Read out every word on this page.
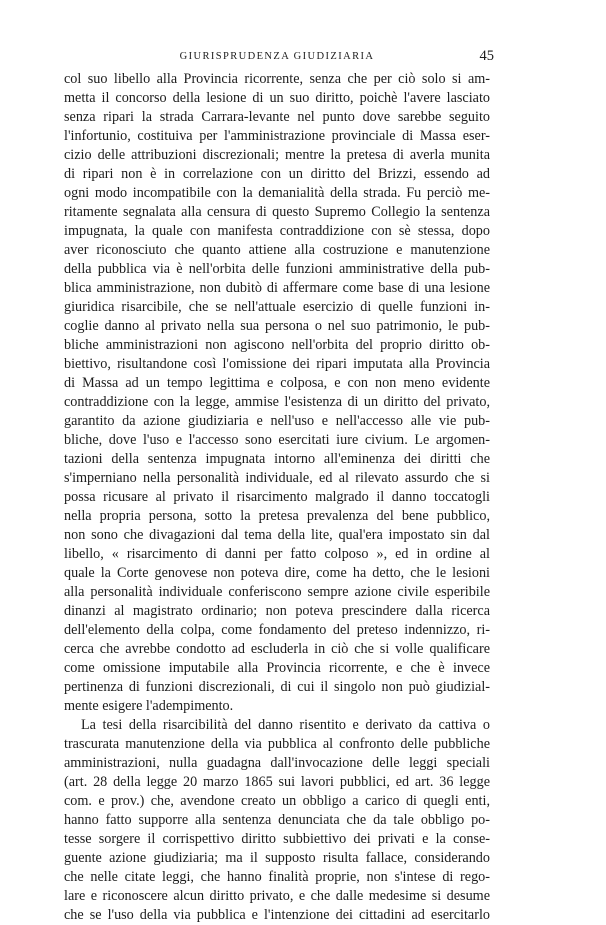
GIURISPRUDENZA GIUDIZIARIA	45
col suo libello alla Provincia ricorrente, senza che per ciò solo si am-
metta il concorso della lesione di un suo diritto, poichè l'avere lasciato
senza ripari la strada Carrara-levante nel punto dove sarebbe seguito
l'infortunio, costituiva per l'amministrazione provinciale di Massa eser-
cizio delle attribuzioni discrezionali; mentre la pretesa di averla munita
di ripari non è in correlazione con un diritto del Brizzi, essendo ad
ogni modo incompatibile con la demanialità della strada. Fu perciò me-
ritamente segnalata alla censura di questo Supremo Collegio la sentenza
impugnata, la quale con manifesta contraddizione con sè stessa, dopo
aver riconosciuto che quanto attiene alla costruzione e manutenzione
della pubblica via è nell'orbita delle funzioni amministrative della pub-
blica amministrazione, non dubitò di affermare come base di una lesione
giuridica risarcibile, che se nell'attuale esercizio di quelle funzioni in-
coglie danno al privato nella sua persona o nel suo patrimonio, le pub-
bliche amministrazioni non agiscono nell'orbita del proprio diritto ob-
biettivo, risultandone così l'omissione dei ripari imputata alla Provincia
di Massa ad un tempo legittima e colposa, e con non meno evidente
contraddizione con la legge, ammise l'esistenza di un diritto del privato,
garantito da azione giudiziaria e nell'uso e nell'accesso alle vie pub-
bliche, dove l'uso e l'accesso sono esercitati iure civium. Le argomen-
tazioni della sentenza impugnata intorno all'eminenza dei diritti che
s'imperniano nella personalità individuale, ed al rilevato assurdo che si
possa ricusare al privato il risarcimento malgrado il danno toccatogli
nella propria persona, sotto la pretesa prevalenza del bene pubblico,
non sono che divagazioni dal tema della lite, qual'era impostato sin dal
libello, « risarcimento di danni per fatto colposo », ed in ordine al
quale la Corte genovese non poteva dire, come ha detto, che le lesioni
alla personalità individuale conferiscono sempre azione civile esperibile
dinanzi al magistrato ordinario; non poteva prescindere dalla ricerca
dell'elemento della colpa, come fondamento del preteso indennizzo, ri-
cerca che avrebbe condotto ad escluderla in ciò che si volle qualificare
come omissione imputabile alla Provincia ricorrente, e che è invece
pertinenza di funzioni discrezionali, di cui il singolo non può giudizial-
mente esigere l'adempimento.
La tesi della risarcibilità del danno risentito e derivato da cattiva o
trascurata manutenzione della via pubblica al confronto delle pubbliche
amministrazioni, nulla guadagna dall'invocazione delle leggi speciali
(art. 28 della legge 20 marzo 1865 sui lavori pubblici, ed art. 36 legge
com. e prov.) che, avendone creato un obbligo a carico di quegli enti,
hanno fatto supporre alla sentenza denunciata che da tale obbligo po-
tesse sorgere il corrispettivo diritto subbiettivo dei privati e la conse-
guente azione giudiziaria; ma il supposto risulta fallace, considerando
che nelle citate leggi, che hanno finalità proprie, non s'intese di rego-
lare e riconoscere alcun diritto privato, e che dalle medesime si desume
che se l'uso della via pubblica e l'intenzione dei cittadini ad esercitarlo
